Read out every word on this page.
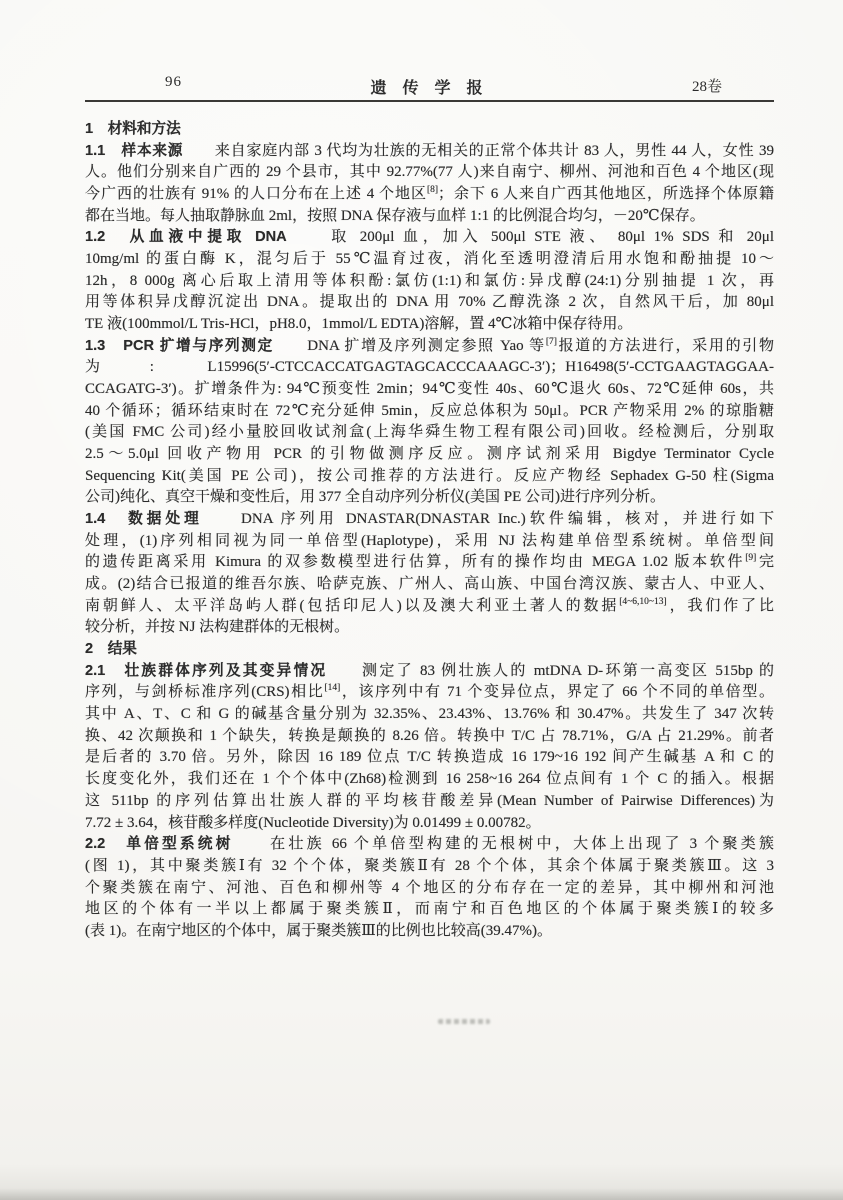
96	遗 传 学 报	28卷
1　材料和方法
1.1　样本来源　　来自家庭内部 3 代均为壮族的无相关的正常个体共计 83 人，男性 44 人，女性 39
人。他们分别来自广西的 29 个县市，其中 92.77%(77 人)来自南宁、柳州、河池和百色 4 个地区(现
今广西的壮族有 91% 的人口分布在上述 4 个地区[8]；余下 6 人来自广西其他地区，所选择个体原籍
都在当地。每人抽取静脉血 2ml，按照 DNA 保存液与血样 1:1 的比例混合均匀，－20℃保存。
1.2　从血液中提取 DNA　　取 200μl 血，加入 500μl STE 液、 80μl 1% SDS 和 20μl
10mg/ml 的蛋白酶 K，混匀后于 55℃温育过夜，消化至透明澄清后用水饱和酚抽提 10～
12h，8 000g 离心后取上清用等体积酚:氯仿(1:1)和氯仿:异戊醇(24:1)分别抽提 1 次，再
用等体积异戊醇沉淀出 DNA。提取出的 DNA 用 70% 乙醇洗涤 2 次，自然风干后，加 80μl
TE 液(100mmol/L Tris-HCl，pH8.0，1mmol/L EDTA)溶解，置 4℃冰箱中保存待用。
1.3　PCR 扩增与序列测定　　DNA 扩增及序列测定参照 Yao 等[7]报道的方法进行，采用的引物
为: L15996(5′-CTCCACCATGAGTAGCACCCAAAGC-3′)；H16498(5′-CCTGAAGTAGGAA-
CCAGATG-3′)。扩增条件为: 94℃预变性 2min；94℃变性 40s、60℃退火 60s、72℃延伸 60s，共
40 个循环；循环结束时在 72℃充分延伸 5min，反应总体积为 50μl。PCR 产物采用 2% 的琼脂糖
(美国 FMC 公司)经小量胶回收试剂盒(上海华舜生物工程有限公司)回收。经检测后，分别取
2.5～5.0μl 回收产物用 PCR 的引物做测序反应。测序试剂采用 Bigdye Terminator Cycle
Sequencing Kit(美国 PE 公司)，按公司推荐的方法进行。反应产物经 Sephadex G-50 柱(Sigma
公司)纯化、真空干燥和变性后，用 377 全自动序列分析仪(美国 PE 公司)进行序列分析。
1.4　数据处理　　DNA 序列用 DNASTAR(DNASTAR Inc.)软件编辑，核对，并进行如下
处理，(1)序列相同视为同一单倍型(Haplotype)，采用 NJ 法构建单倍型系统树。单倍型间
的遗传距离采用 Kimura 的双参数模型进行估算，所有的操作均由 MEGA 1.02 版本软件[9]完
成。(2)结合已报道的维吾尔族、哈萨克族、广州人、高山族、中国台湾汉族、蒙古人、中亚人、
南朝鲜人、太平洋岛屿人群(包括印尼人)以及澳大利亚土著人的数据[4~6,10~13]，我们作了比
较分析，并按 NJ 法构建群体的无根树。
2　结果
2.1　壮族群体序列及其变异情况　　测定了 83 例壮族人的 mtDNA D-环第一高变区 515bp 的
序列，与剑桥标准序列(CRS)相比[14]，该序列中有 71 个变异位点，界定了 66 个不同的单倍型。
其中 A、T、C 和 G 的碱基含量分别为 32.35%、23.43%、13.76% 和 30.47%。共发生了 347 次转
换、42 次颠换和 1 个缺失，转换是颠换的 8.26 倍。转换中 T/C 占 78.71%，G/A 占 21.29%。前者
是后者的 3.70 倍。另外，除因 16 189 位点 T/C 转换造成 16 179~16 192 间产生碱基 A 和 C 的
长度变化外，我们还在 1 个个体中(Zh68)检测到 16 258~16 264 位点间有 1 个 C 的插入。根据
这 511bp 的序列估算出壮族人群的平均核苷酸差异(Mean Number of Pairwise Differences)为
7.72 ± 3.64，核苷酸多样度(Nucleotide Diversity)为 0.01499 ± 0.00782。
2.2　单倍型系统树　　在壮族 66 个单倍型构建的无根树中，大体上出现了 3 个聚类簇
(图 1)，其中聚类簇Ⅰ有 32 个个体，聚类簇Ⅱ有 28 个个体，其余个体属于聚类簇Ⅲ。这 3
个聚类簇在南宁、河池、百色和柳州等 4 个地区的分布存在一定的差异，其中柳州和河池
地区的个体有一半以上都属于聚类簇Ⅱ，而南宁和百色地区的个体属于聚类簇Ⅰ的较多
(表 1)。在南宁地区的个体中，属于聚类簇Ⅲ的比例也比较高(39.47%)。
